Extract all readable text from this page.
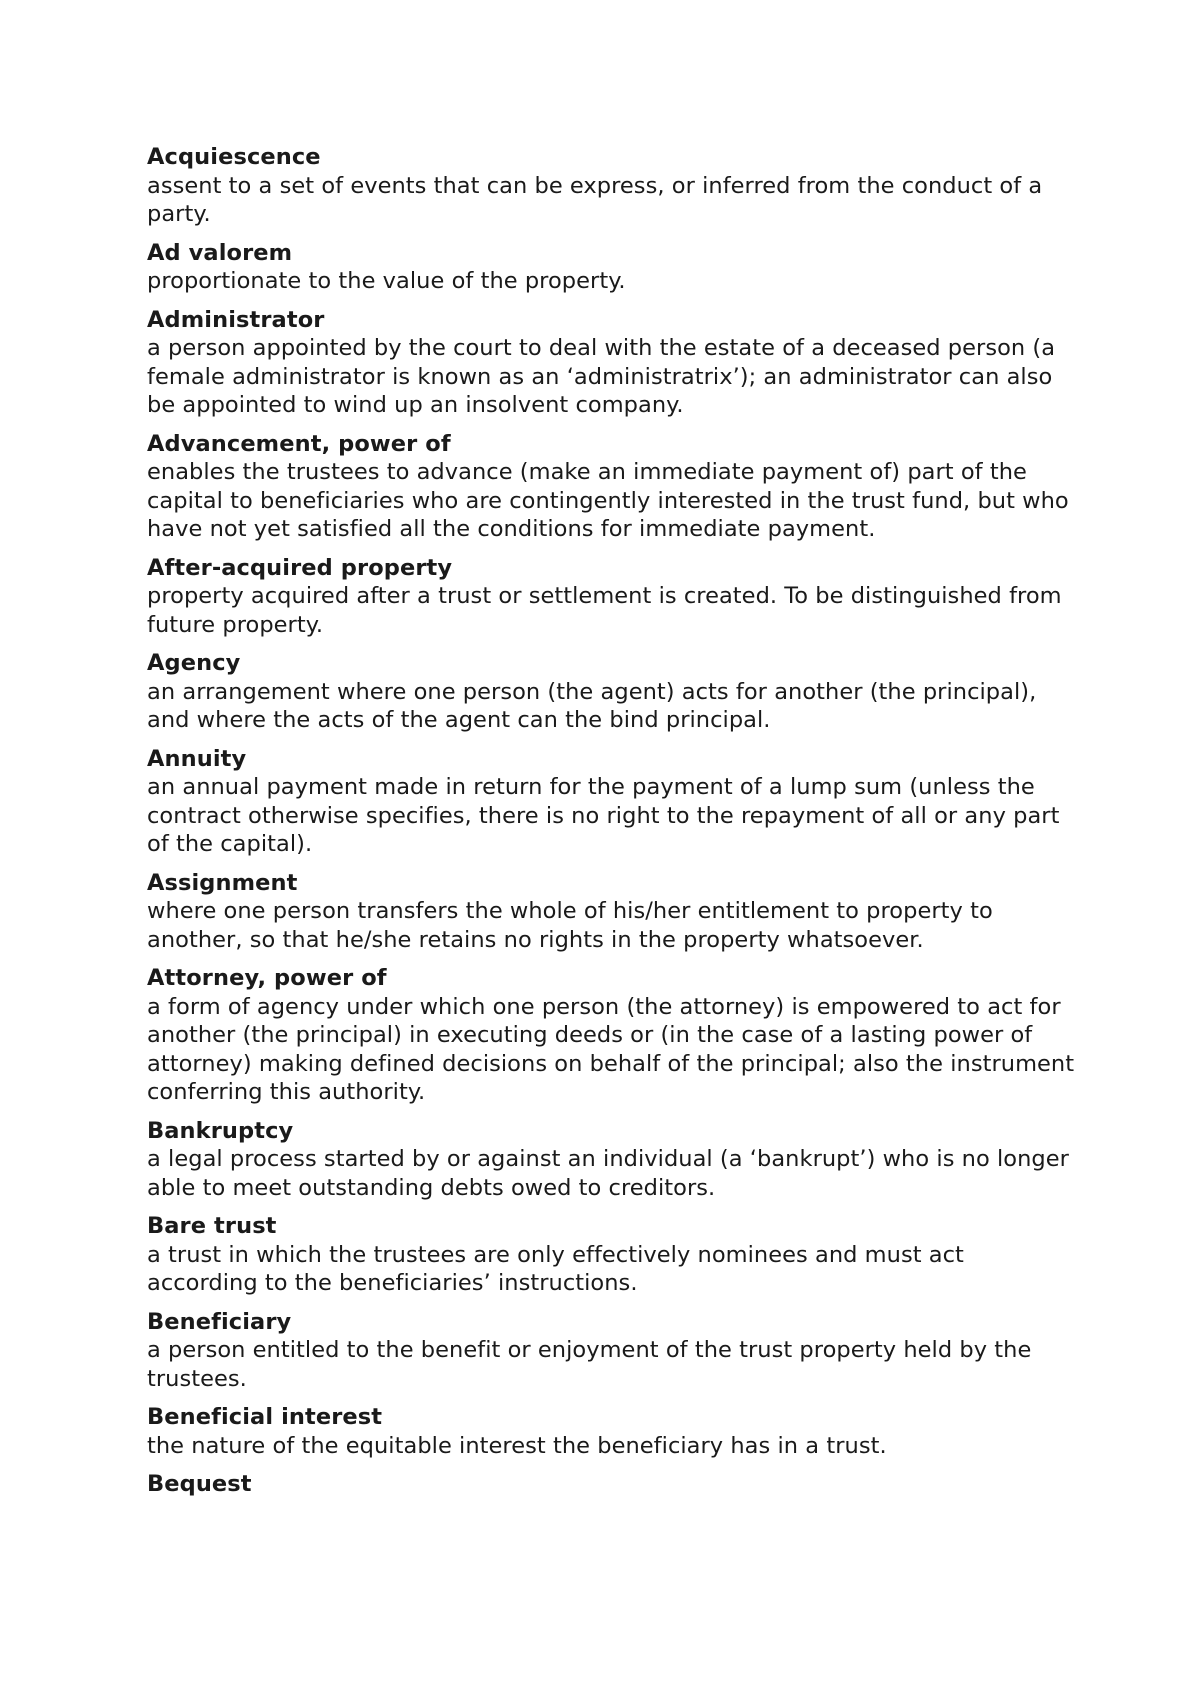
Acquiescence
assent to a set of events that can be express, or inferred from the conduct of a party.
Ad valorem
proportionate to the value of the property.
Administrator
a person appointed by the court to deal with the estate of a deceased person (a female administrator is known as an ‘administratrix’); an administrator can also be appointed to wind up an insolvent company.
Advancement, power of
enables the trustees to advance (make an immediate payment of) part of the capital to beneficiaries who are contingently interested in the trust fund, but who have not yet satisfied all the conditions for immediate payment.
After-acquired property
property acquired after a trust or settlement is created. To be distinguished from future property.
Agency
an arrangement where one person (the agent) acts for another (the principal), and where the acts of the agent can the bind principal.
Annuity
an annual payment made in return for the payment of a lump sum (unless the contract otherwise specifies, there is no right to the repayment of all or any part of the capital).
Assignment
where one person transfers the whole of his/her entitlement to property to another, so that he/she retains no rights in the property whatsoever.
Attorney, power of
a form of agency under which one person (the attorney) is empowered to act for another (the principal) in executing deeds or (in the case of a lasting power of attorney) making defined decisions on behalf of the principal; also the instrument conferring this authority.
Bankruptcy
a legal process started by or against an individual (a ‘bankrupt’) who is no longer able to meet outstanding debts owed to creditors.
Bare trust
a trust in which the trustees are only effectively nominees and must act according to the beneficiaries’ instructions.
Beneficiary
a person entitled to the benefit or enjoyment of the trust property held by the trustees.
Beneficial interest
the nature of the equitable interest the beneficiary has in a trust.
Bequest
